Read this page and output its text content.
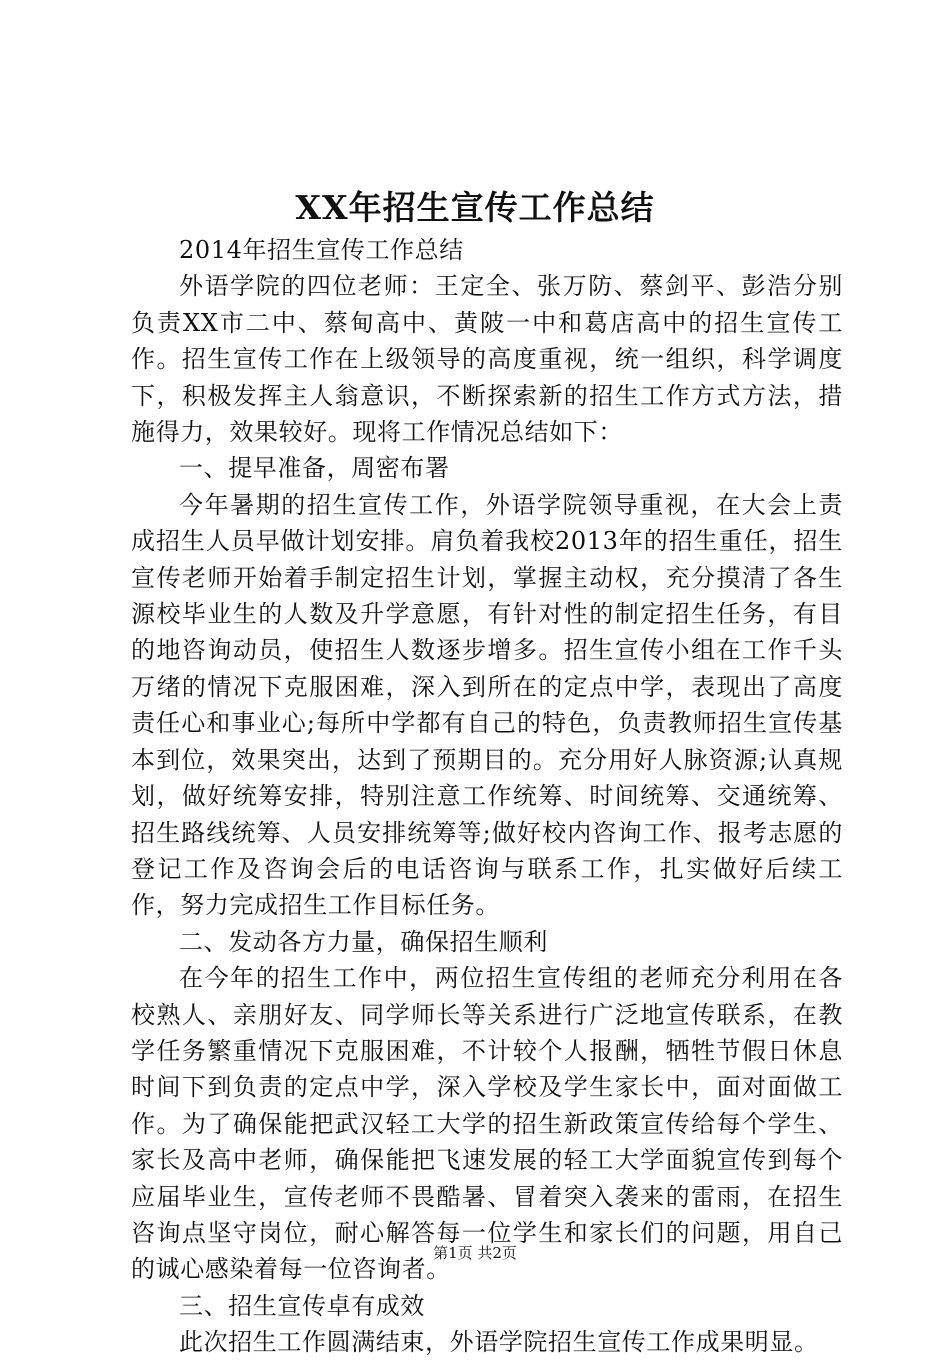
XX年招生宣传工作总结

2014年招生宣传工作总结

外语学院的四位老师：王定全、张万防、蔡剑平、彭浩分别负责XX市二中、蔡甸高中、黄陂一中和葛店高中的招生宣传工作。招生宣传工作在上级领导的高度重视，统一组织，科学调度下，积极发挥主人翁意识，不断探索新的招生工作方式方法，措施得力，效果较好。现将工作情况总结如下：

一、提早准备，周密布署

今年暑期的招生宣传工作，外语学院领导重视，在大会上责成招生人员早做计划安排。肩负着我校2013年的招生重任，招生宣传老师开始着手制定招生计划，掌握主动权，充分摸清了各生源校毕业生的人数及升学意愿，有针对性的制定招生任务，有目的地咨询动员，使招生人数逐步增多。招生宣传小组在工作千头万绪的情况下克服困难，深入到所在的定点中学，表现出了高度责任心和事业心;每所中学都有自己的特色，负责教师招生宣传基本到位，效果突出，达到了预期目的。充分用好人脉资源;认真规划，做好统筹安排，特别注意工作统筹、时间统筹、交通统筹、招生路线统筹、人员安排统筹等;做好校内咨询工作、报考志愿的登记工作及咨询会后的电话咨询与联系工作，扎实做好后续工作，努力完成招生工作目标任务。

二、发动各方力量，确保招生顺利

在今年的招生工作中，两位招生宣传组的老师充分利用在各校熟人、亲朋好友、同学师长等关系进行广泛地宣传联系，在教学任务繁重情况下克服困难，不计较个人报酬，牺牲节假日休息时间下到负责的定点中学，深入学校及学生家长中，面对面做工作。为了确保能把武汉轻工大学的招生新政策宣传给每个学生、家长及高中老师，确保能把飞速发展的轻工大学面貌宣传到每个应届毕业生，宣传老师不畏酷暑、冒着突入袭来的雷雨，在招生咨询点坚守岗位，耐心解答每一位学生和家长们的问题，用自己的诚心感染着每一位咨询者。

三、招生宣传卓有成效

此次招生工作圆满结束，外语学院招生宣传工作成果明显。

第1页 共2页
